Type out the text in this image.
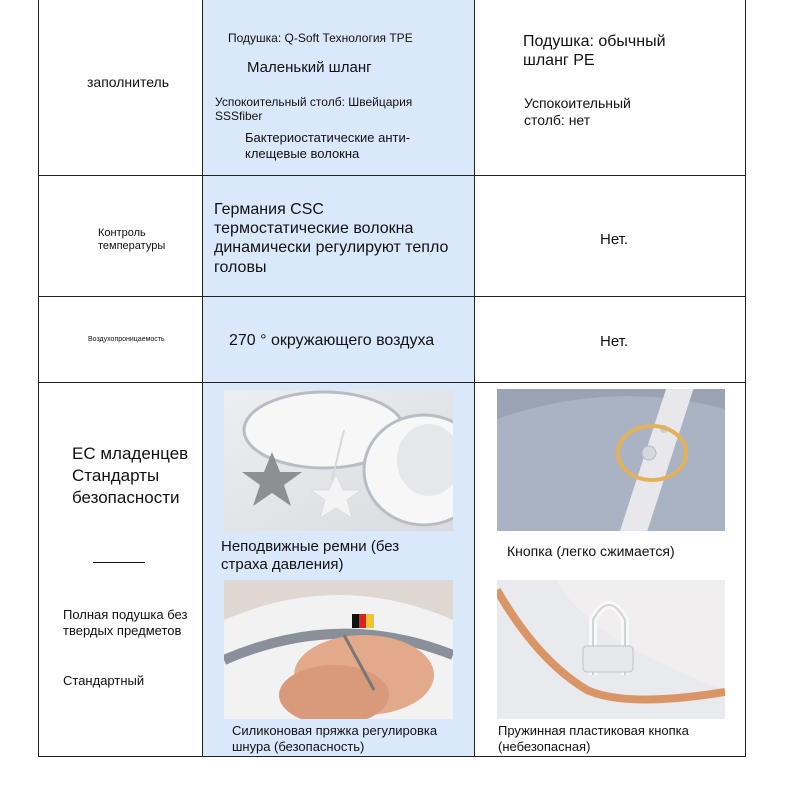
заполнитель
Подушка: Q-Soft Технология TPE
Маленький шланг
Успокоительный столб: Швейцария SSSfiber
Бактериостатические анти-клещевые волокна
Подушка: обычный шланг PE
Успокоительный столб: нет
Контроль температуры
Германия CSC термостатические волокна динамически регулируют тепло головы
Нет.
Воздухопроницаемость	270 ° окружающего воздуха	Нет.
ЕС младенцев Стандарты безопасности
Полная подушка без твердых предметов
Стандартный
Неподвижные ремни (без страха давления)
Силиконовая пряжка регулировка шнура (безопасность)
Кнопка (легко сжимается)
Пружинная пластиковая кнопка (небезопасная)
